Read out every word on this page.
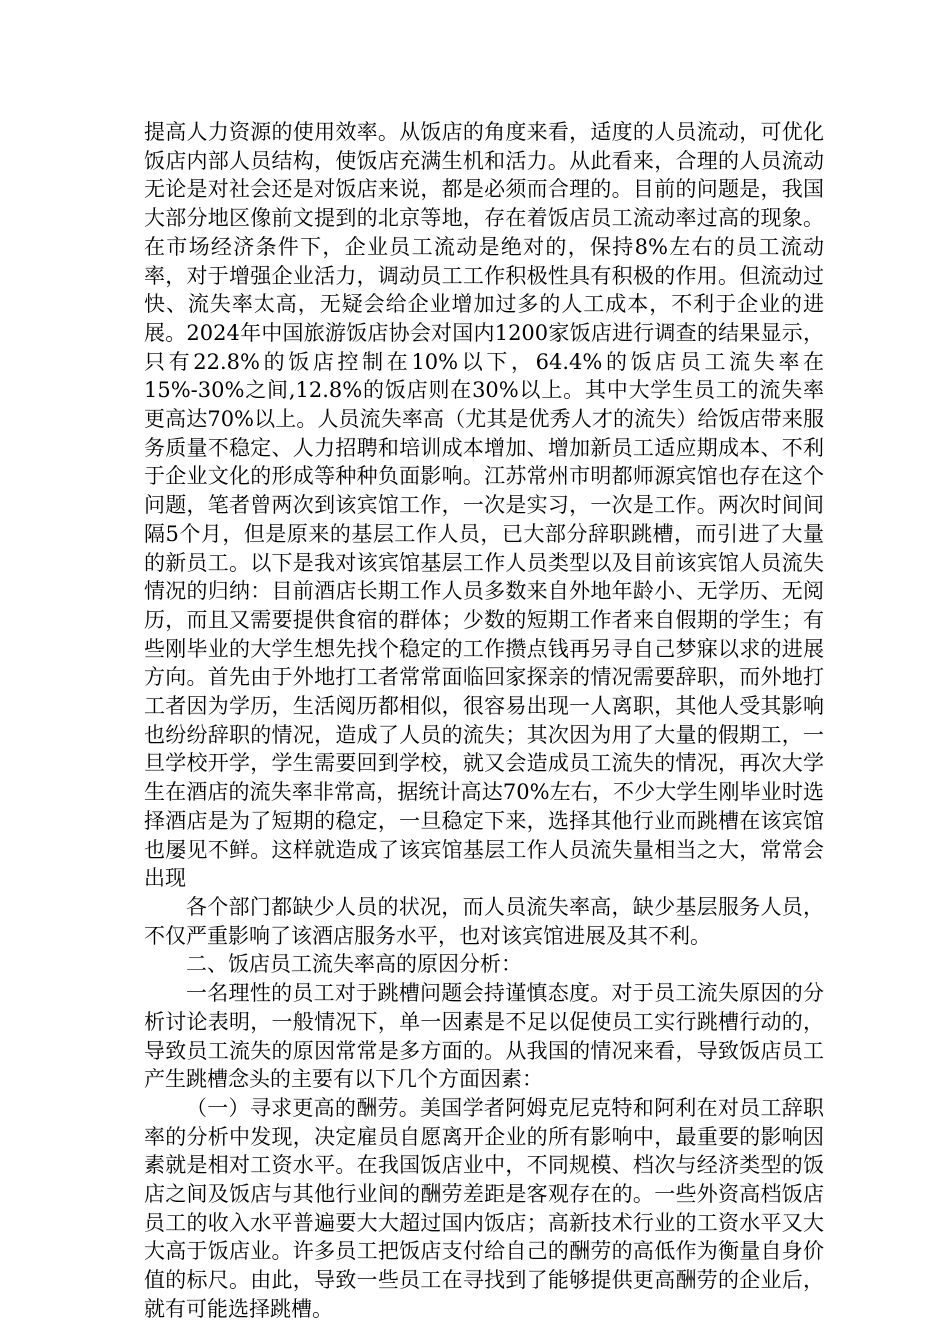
提高人力资源的使用效率。从饭店的角度来看，适度的人员流动，可优化饭店内部人员结构，使饭店充满生机和活力。从此看来，合理的人员流动无论是对社会还是对饭店来说，都是必须而合理的。目前的问题是，我国大部分地区像前文提到的北京等地，存在着饭店员工流动率过高的现象。在市场经济条件下，企业员工流动是绝对的，保持8%左右的员工流动率，对于增强企业活力，调动员工工作积极性具有积极的作用。但流动过快、流失率太高，无疑会给企业增加过多的人工成本，不利于企业的进展。2024年中国旅游饭店协会对国内1200家饭店进行调查的结果显示，只有22.8%的饭店控制在10%以下，64.4%的饭店员工流失率在15%-30%之间,12.8%的饭店则在30%以上。其中大学生员工的流失率更高达70%以上。人员流失率高（尤其是优秀人才的流失）给饭店带来服务质量不稳定、人力招聘和培训成本增加、增加新员工适应期成本、不利于企业文化的形成等种种负面影响。江苏常州市明都师源宾馆也存在这个问题，笔者曾两次到该宾馆工作，一次是实习，一次是工作。两次时间间隔5个月，但是原来的基层工作人员，已大部分辞职跳槽，而引进了大量的新员工。以下是我对该宾馆基层工作人员类型以及目前该宾馆人员流失情况的归纳：目前酒店长期工作人员多数来自外地年龄小、无学历、无阅历，而且又需要提供食宿的群体；少数的短期工作者来自假期的学生；有些刚毕业的大学生想先找个稳定的工作攒点钱再另寻自己梦寐以求的进展方向。首先由于外地打工者常常面临回家探亲的情况需要辞职，而外地打工者因为学历，生活阅历都相似，很容易出现一人离职，其他人受其影响也纷纷辞职的情况，造成了人员的流失；其次因为用了大量的假期工，一旦学校开学，学生需要回到学校，就又会造成员工流失的情况，再次大学生在酒店的流失率非常高，据统计高达70%左右，不少大学生刚毕业时选择酒店是为了短期的稳定，一旦稳定下来，选择其他行业而跳槽在该宾馆也屡见不鲜。这样就造成了该宾馆基层工作人员流失量相当之大，常常会出现

各个部门都缺少人员的状况，而人员流失率高，缺少基层服务人员，不仅严重影响了该酒店服务水平，也对该宾馆进展及其不利。

二、饭店员工流失率高的原因分析：

一名理性的员工对于跳槽问题会持谨慎态度。对于员工流失原因的分析讨论表明，一般情况下，单一因素是不足以促使员工实行跳槽行动的，导致员工流失的原因常常是多方面的。从我国的情况来看，导致饭店员工产生跳槽念头的主要有以下几个方面因素：

（一）寻求更高的酬劳。美国学者阿姆克尼克特和阿利在对员工辞职率的分析中发现，决定雇员自愿离开企业的所有影响中，最重要的影响因素就是相对工资水平。在我国饭店业中，不同规模、档次与经济类型的饭店之间及饭店与其他行业间的酬劳差距是客观存在的。一些外资高档饭店员工的收入水平普遍要大大超过国内饭店；高新技术行业的工资水平又大大高于饭店业。许多员工把饭店支付给自己的酬劳的高低作为衡量自身价值的标尺。由此，导致一些员工在寻找到了能够提供更高酬劳的企业后，就有可能选择跳槽。
